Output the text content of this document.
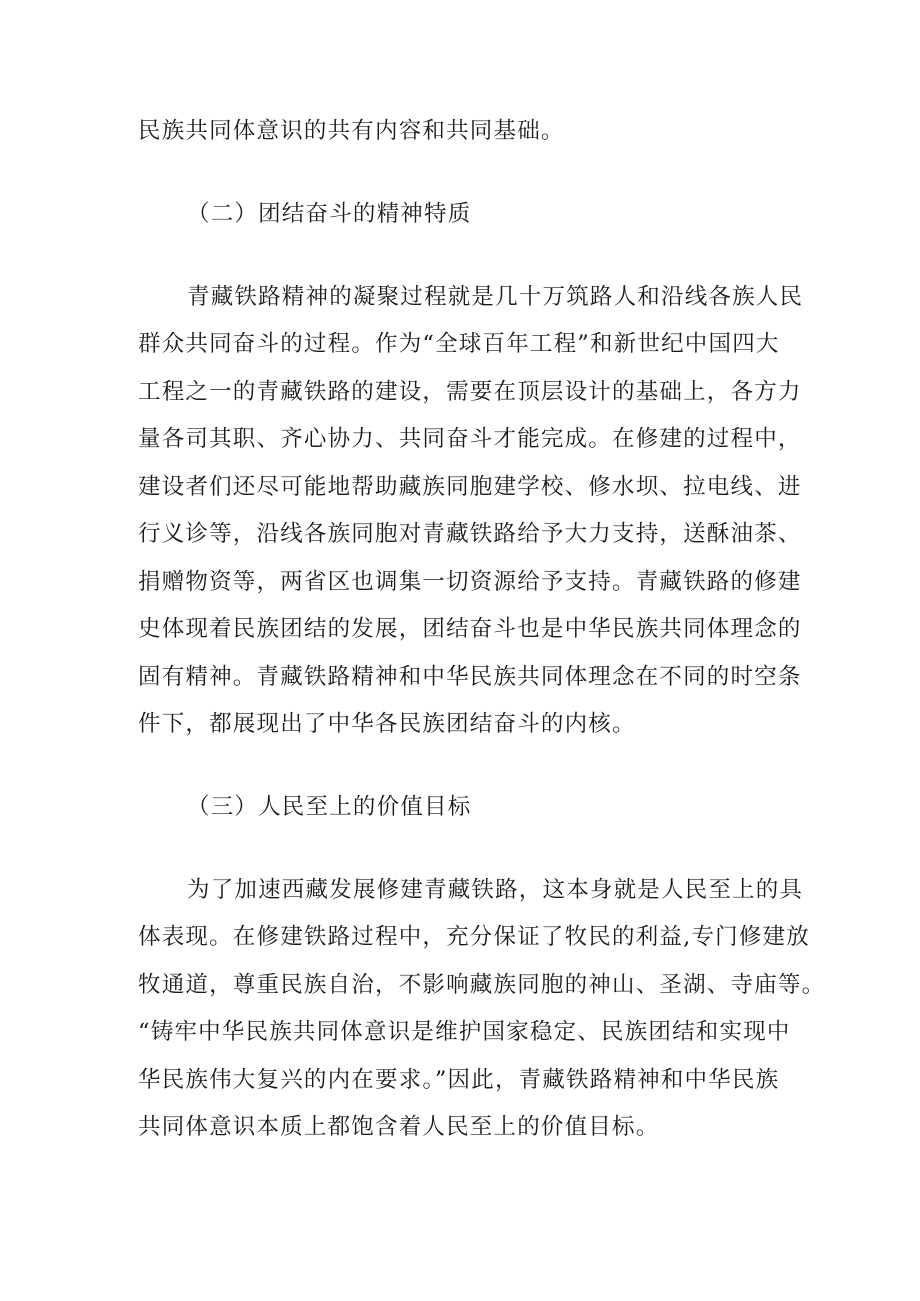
民族共同体意识的共有内容和共同基础。
（二）团结奋斗的精神特质
青藏铁路精神的凝聚过程就是几十万筑路人和沿线各族人民
群众共同奋斗的过程。作为“全球百年工程”和新世纪中国四大
工程之一的青藏铁路的建设，需要在顶层设计的基础上，各方力
量各司其职、齐心协力、共同奋斗才能完成。在修建的过程中，
建设者们还尽可能地帮助藏族同胞建学校、修水坝、拉电线、进
行义诊等，沿线各族同胞对青藏铁路给予大力支持，送酥油茶、
捐赠物资等，两省区也调集一切资源给予支持。青藏铁路的修建
史体现着民族团结的发展，团结奋斗也是中华民族共同体理念的
固有精神。青藏铁路精神和中华民族共同体理念在不同的时空条
件下，都展现出了中华各民族团结奋斗的内核。
（三）人民至上的价值目标
为了加速西藏发展修建青藏铁路，这本身就是人民至上的具
体表现。在修建铁路过程中，充分保证了牧民的利益,专门修建放
牧通道，尊重民族自治，不影响藏族同胞的神山、圣湖、寺庙等。
“铸牢中华民族共同体意识是维护国家稳定、民族团结和实现中
华民族伟大复兴的内在要求。”因此，青藏铁路精神和中华民族
共同体意识本质上都饱含着人民至上的价值目标。
